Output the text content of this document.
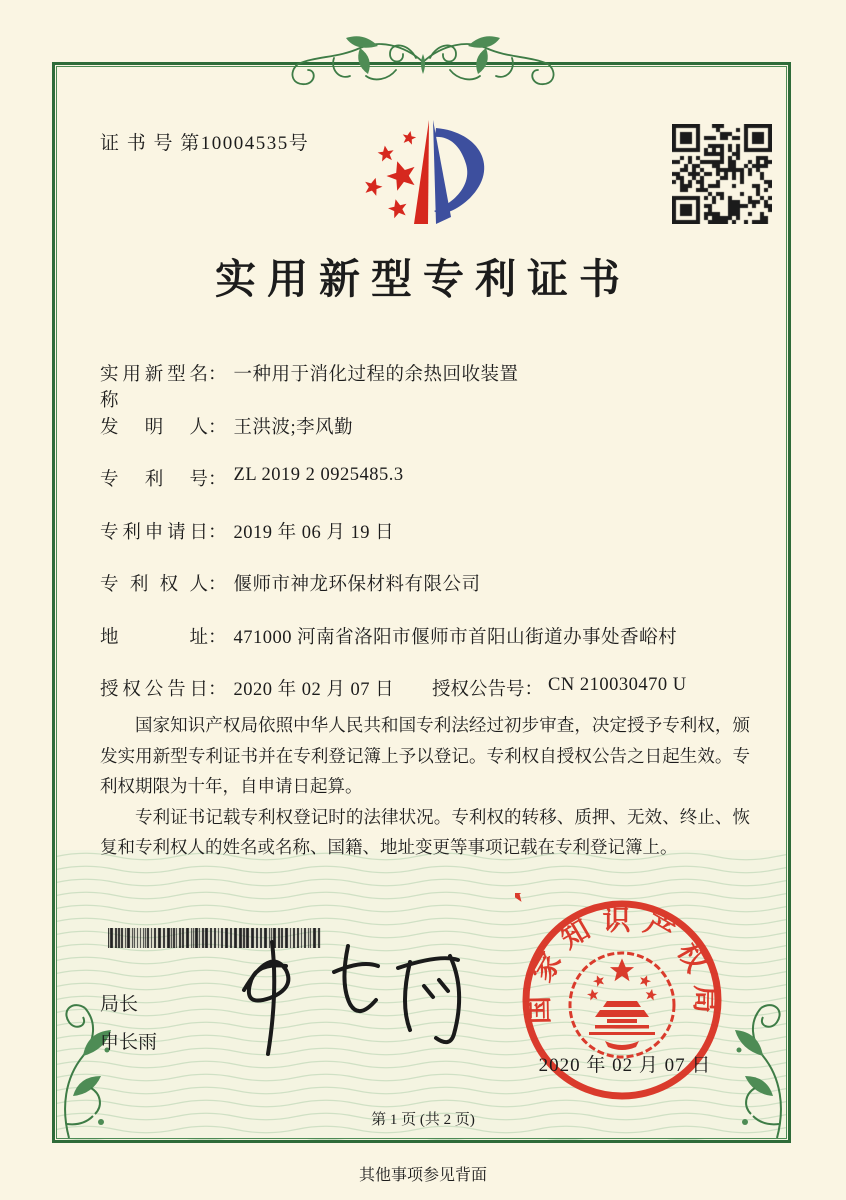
证 书 号 第10004535号
实用新型专利证书
实用新型名称： 一种用于消化过程的余热回收装置
发明人： 王洪波;李风勤
专利号： ZL 2019 2 0925485.3
专利申请日： 2019 年 06 月 19 日
专利权人： 偃师市神龙环保材料有限公司
地址： 471000 河南省洛阳市偃师市首阳山街道办事处香峪村
授权公告日： 2020 年 02 月 07 日 授权公告号： CN 210030470 U

国家知识产权局依照中华人民共和国专利法经过初步审查，决定授予专利权，颁发实用新型专利证书并在专利登记簿上予以登记。专利权自授权公告之日起生效。专利权期限为十年，自申请日起算。

专利证书记载专利权登记时的法律状况。专利权的转移、质押、无效、终止、恢复和专利权人的姓名或名称、国籍、地址变更等事项记载在专利登记簿上。

局长
申长雨
国家知识产权局
2020 年 02 月 07 日
第 1 页 (共 2 页)
其他事项参见背面
